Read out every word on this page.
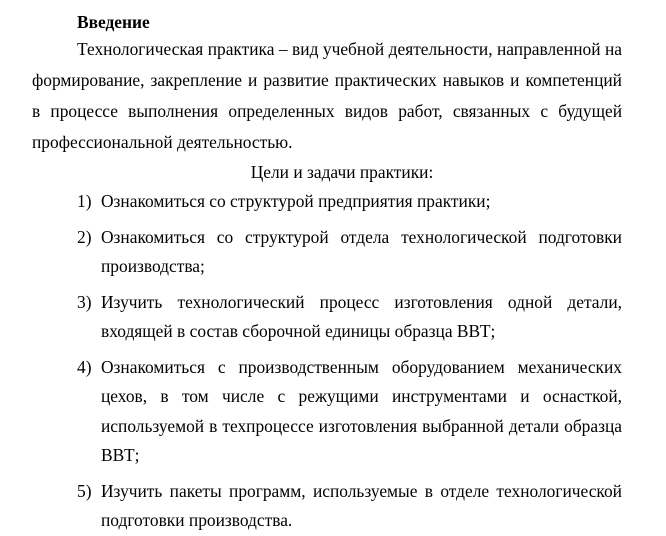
Введение

Технологическая практика – вид учебной деятельности, направленной на формирование, закрепление и развитие практических навыков и компетенций в процессе выполнения определенных видов работ, связанных с будущей профессиональной деятельностью.

Цели и задачи практики:

1) Ознакомиться со структурой предприятия практики;
2) Ознакомиться со структурой отдела технологической подготовки производства;
3) Изучить технологический процесс изготовления одной детали, входящей в состав сборочной единицы образца ВВТ;
4) Ознакомиться с производственным оборудованием механических цехов, в том числе с режущими инструментами и оснасткой, используемой в техпроцессе изготовления выбранной детали образца ВВТ;
5) Изучить пакеты программ, используемые в отделе технологической подготовки производства.
